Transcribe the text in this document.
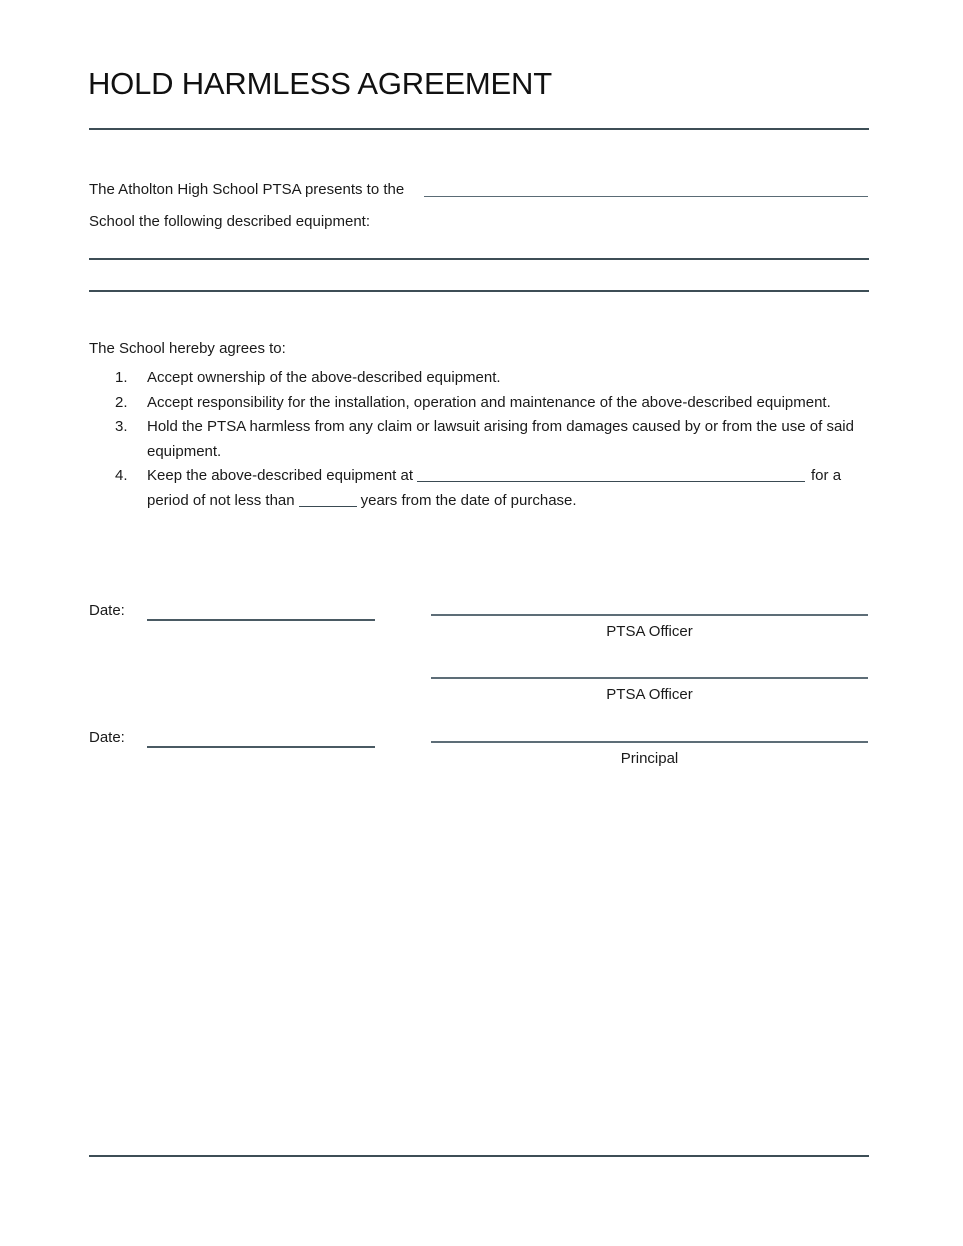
HOLD HARMLESS AGREEMENT
The Atholton High School PTSA presents to the
School the following described equipment:
The School hereby agrees to:
1. Accept ownership of the above-described equipment.
2. Accept responsibility for the installation, operation and maintenance of the above-described equipment.
3. Hold the PTSA harmless from any claim or lawsuit arising from damages caused by or from the use of said equipment.
4. Keep the above-described equipment at	for a period of not less than	years from the date of purchase.
Date:
PTSA Officer
PTSA Officer
Date:
Principal
